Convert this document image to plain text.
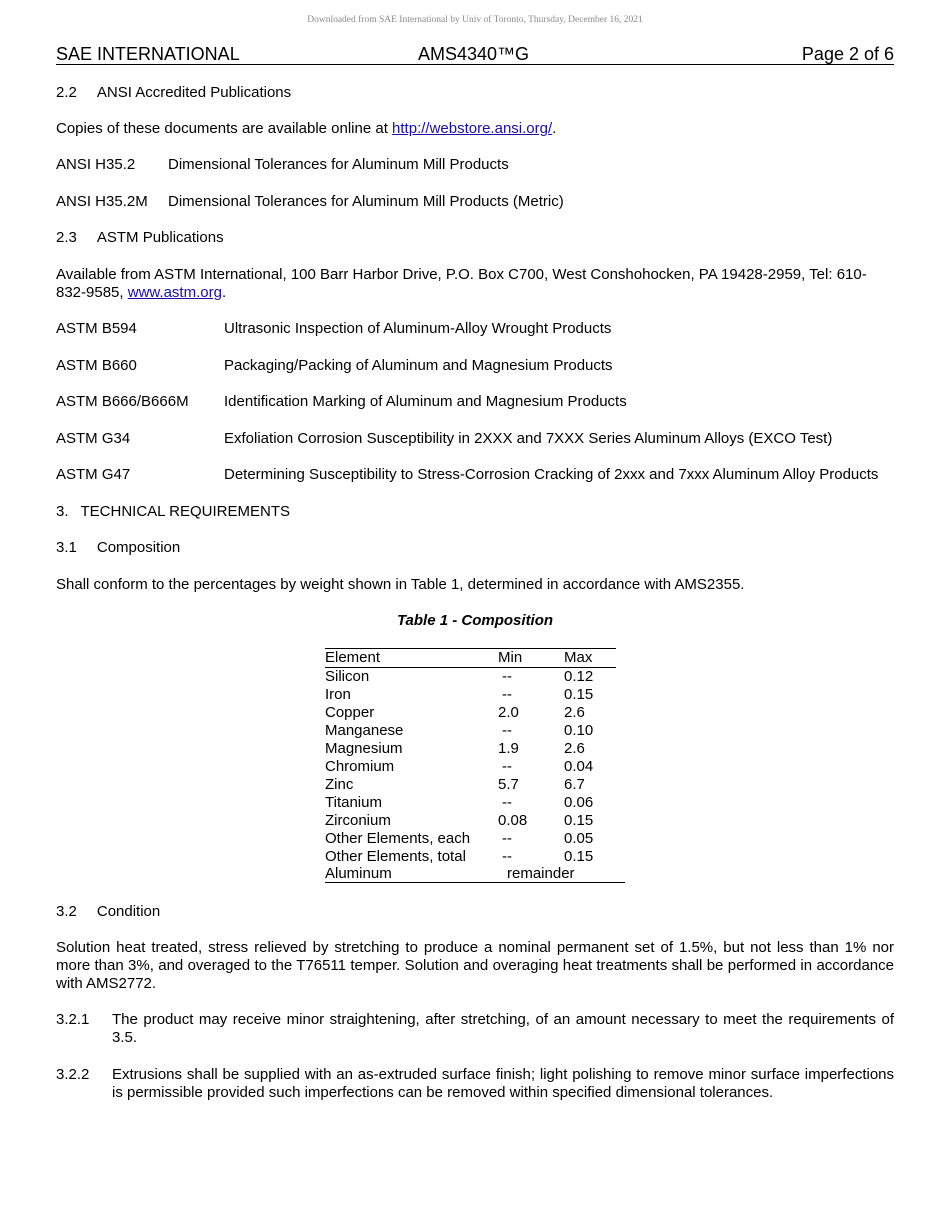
Downloaded from SAE International by Univ of Toronto, Thursday, December 16, 2021
SAE INTERNATIONAL	AMS4340™G	Page 2 of 6
2.2 ANSI Accredited Publications
Copies of these documents are available online at http://webstore.ansi.org/.
ANSI H35.2 Dimensional Tolerances for Aluminum Mill Products
ANSI H35.2M Dimensional Tolerances for Aluminum Mill Products (Metric)
2.3 ASTM Publications
Available from ASTM International, 100 Barr Harbor Drive, P.O. Box C700, West Conshohocken, PA 19428-2959, Tel: 610-
832-9585, www.astm.org.
ASTM B594	Ultrasonic Inspection of Aluminum-Alloy Wrought Products
ASTM B660	Packaging/Packing of Aluminum and Magnesium Products
ASTM B666/B666M Identification Marking of Aluminum and Magnesium Products
ASTM G34	Exfoliation Corrosion Susceptibility in 2XXX and 7XXX Series Aluminum Alloys (EXCO Test)
ASTM G47	Determining Susceptibility to Stress-Corrosion Cracking of 2xxx and 7xxx Aluminum Alloy Products
3. TECHNICAL REQUIREMENTS
3.1 Composition
Shall conform to the percentages by weight shown in Table 1, determined in accordance with AMS2355.
Table 1 - Composition
Element	Min	Max
Silicon	--	0.12
Iron	--	0.15
Copper	2.0	2.6
Manganese	--	0.10
Magnesium	1.9	2.6
Chromium	--	0.04
Zinc	5.7	6.7
Titanium	--	0.06
Zirconium	0.08 0.15
Other Elements, each --	0.05
Other Elements, total --	0.15
Aluminum	remainder
3.2 Condition
Solution heat treated, stress relieved by stretching to produce a nominal permanent set of 1.5%, but not less than 1% nor more than 3%, and overaged to the T76511 temper. Solution and overaging heat treatments shall be performed in accordance with AMS2772.
3.2.1 The product may receive minor straightening, after stretching, of an amount necessary to meet the requirements of 3.5.
3.2.2 Extrusions shall be supplied with an as-extruded surface finish; light polishing to remove minor surface imperfections is permissible provided such imperfections can be removed within specified dimensional tolerances.
